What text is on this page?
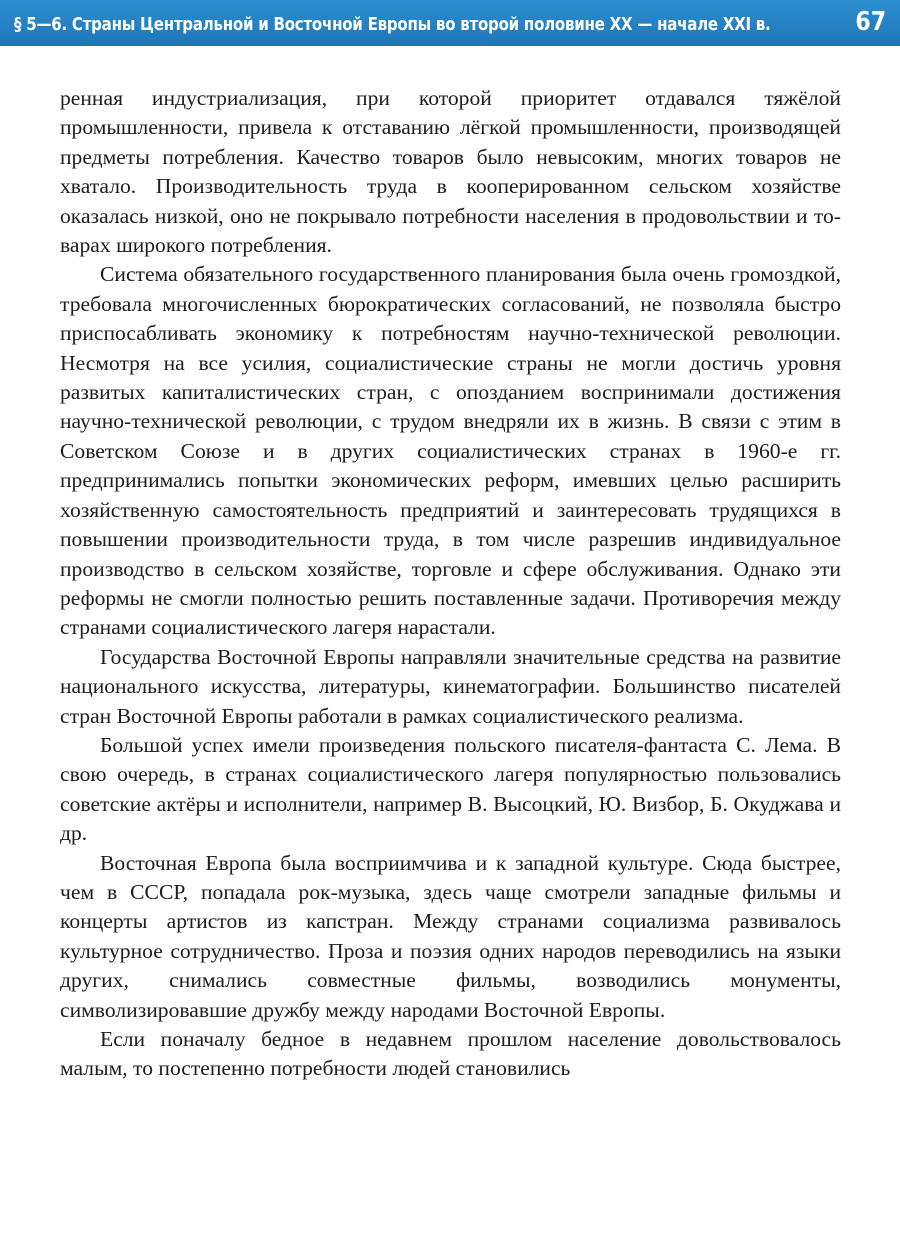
§ 5—6. Страны Центральной и Восточной Европы во второй половине XX — начале XXI в.	67

ренная индустриализация, при которой приоритет отдавался тяжёлой промышленности, привела к отставанию лёгкой промышленности, производящей предметы потребления. Качество товаров было невысоким, многих товаров не хватало. Производительность труда в кооперированном сельском хозяйстве оказалась низкой, оно не покрывало потребности населения в продовольствии и товарах широкого потребления.

Система обязательного государственного планирования была очень громоздкой, требовала многочисленных бюрократических согласований, не позволяла быстро приспосабливать экономику к потребностям научно-технической революции. Несмотря на все усилия, социалистические страны не могли достичь уровня развитых капиталистических стран, с опозданием воспринимали достижения научно-технической революции, с трудом внедряли их в жизнь. В связи с этим в Советском Союзе и в других социалистических странах в 1960-е гг. предпринимались попытки экономических реформ, имевших целью расширить хозяйственную самостоятельность предприятий и заинтересовать трудящихся в повышении производительности труда, в том числе разрешив индивидуальное производство в сельском хозяйстве, торговле и сфере обслуживания. Однако эти реформы не смогли полностью решить поставленные задачи. Противоречия между странами социалистического лагеря нарастали.

Государства Восточной Европы направляли значительные средства на развитие национального искусства, литературы, кинематографии. Большинство писателей стран Восточной Европы работали в рамках социалистического реализма.

Большой успех имели произведения польского писателя-фантаста С. Лема. В свою очередь, в странах социалистического лагеря популярностью пользовались советские актёры и исполнители, например В. Высоцкий, Ю. Визбор, Б. Окуджава и др.

Восточная Европа была восприимчива и к западной культуре. Сюда быстрее, чем в СССР, попадала рок-музыка, здесь чаще смотрели западные фильмы и концерты артистов из капстран. Между странами социализма развивалось культурное сотрудничество. Проза и поэзия одних народов переводились на языки других, снимались совместные фильмы, возводились монументы, символизировавшие дружбу между народами Восточной Европы.

Если поначалу бедное в недавнем прошлом население довольствовалось малым, то постепенно потребности людей становились
